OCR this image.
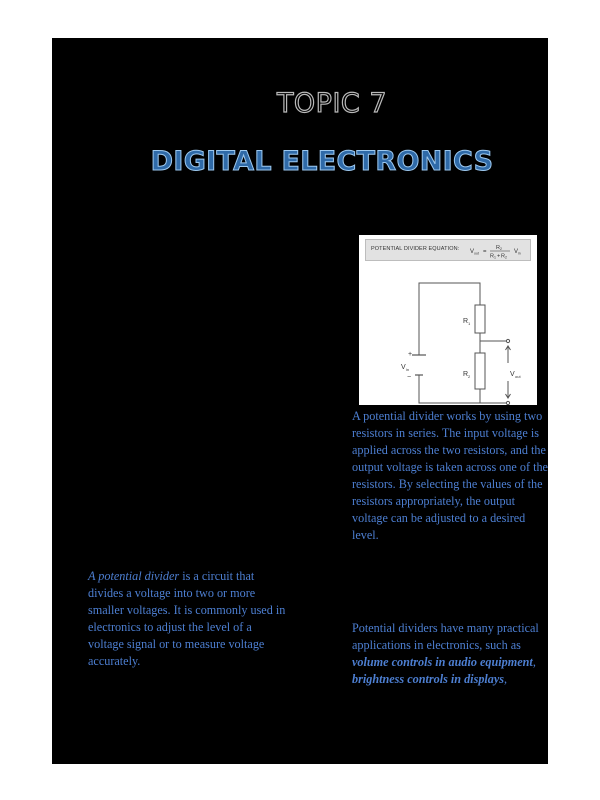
TOPIC 7
DIGITAL ELECTRONICS
POTENTIAL DIVIDER EQUATION: V out =
R 2
R 1 + R 2
V in
R 1
R 2
V in
+
−	V out
A potential divider works by using two resistors in series. The input voltage is applied across the two resistors, and the output voltage is taken across one of the resistors. By selecting the values of the resistors appropriately, the output voltage can be adjusted to a desired level.
A potential divider is a circuit that divides a voltage into two or more smaller voltages. It is commonly used in electronics to adjust the level of a voltage signal or to measure voltage accurately.
Potential dividers have many practical applications in electronics, such as volume controls in audio equipment, brightness controls in displays,
